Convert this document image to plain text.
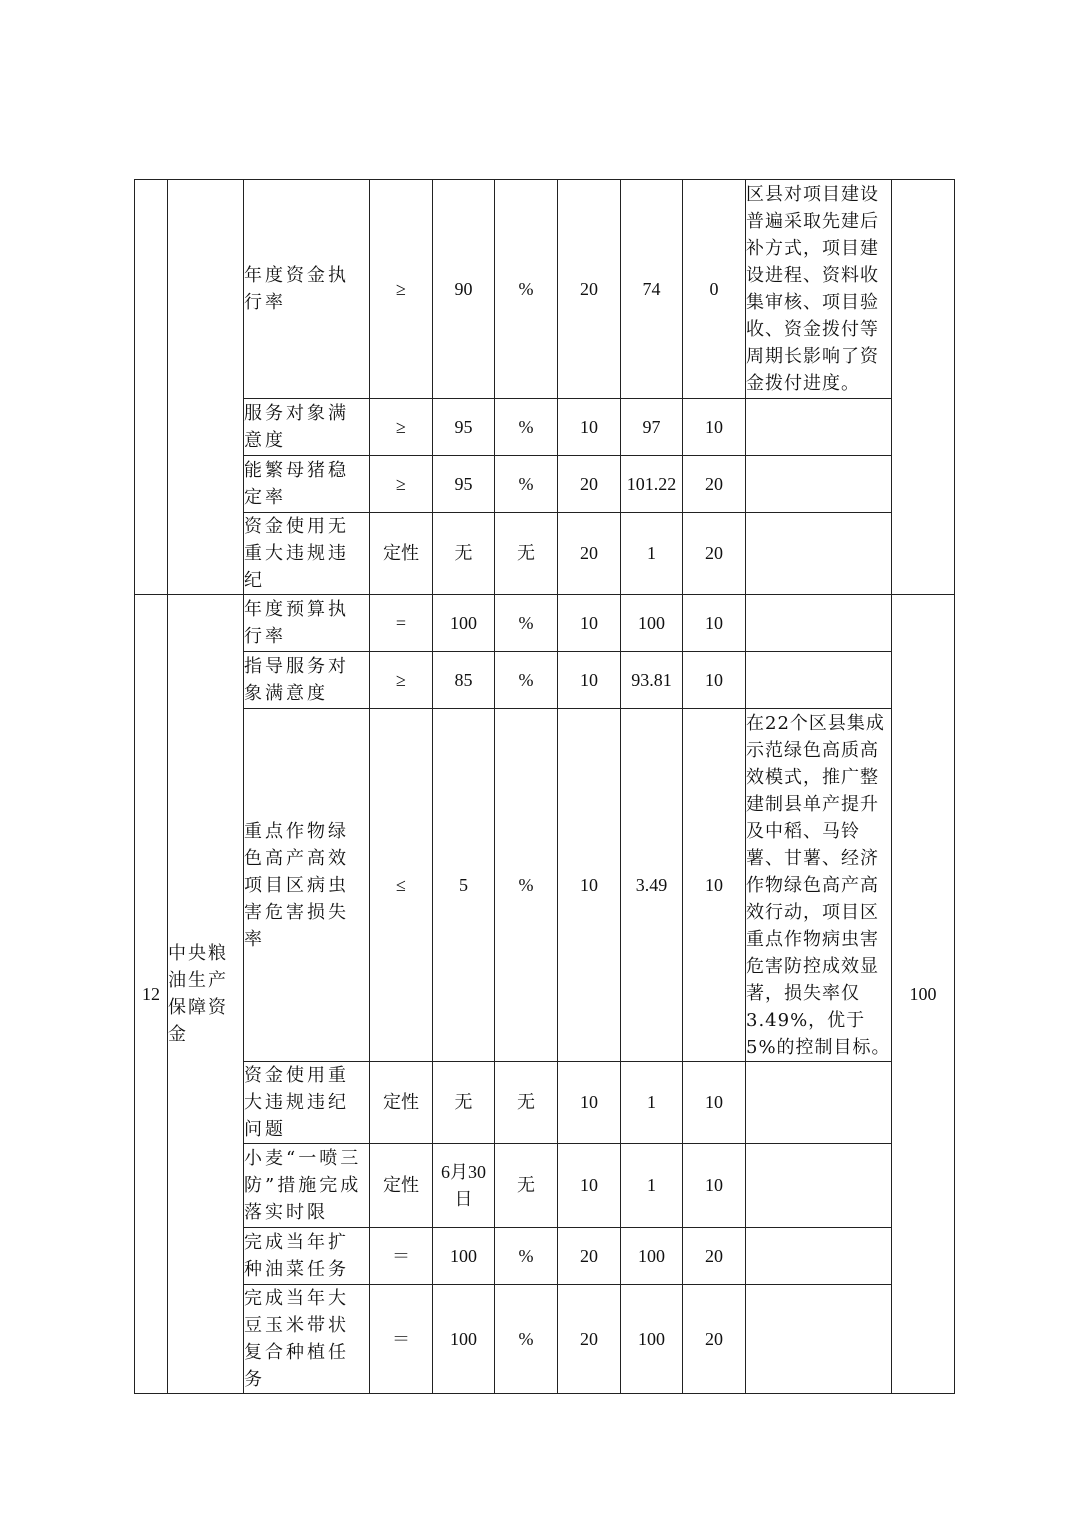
		年度资金执行率	≥	90	%	20	74	0	区县对项目建设普遍采取先建后补方式，项目建设进程、资料收集审核、项目验收、资金拨付等周期长影响了资金拨付进度。	
		服务对象满意度	≥	95	%	10	97	10		
		能繁母猪稳定率	≥	95	%	20	101.22	20		
		资金使用无重大违规违纪	定性	无	无	20	1	20		
12	中央粮油生产保障资金	年度预算执行率	=	100	%	10	100	10		100
		指导服务对象满意度	≥	85	%	10	93.81	10		
		重点作物绿色高产高效项目区病虫害危害损失率	≤	5	%	10	3.49	10	在22个区县集成示范绿色高质高效模式，推广整建制县单产提升及中稻、马铃薯、甘薯、经济作物绿色高产高效行动，项目区重点作物病虫害危害防控成效显著，损失率仅3.49%，优于5%的控制目标。	
		资金使用重大违规违纪问题	定性	无	无	10	1	10		
		小麦“一喷三防”措施完成落实时限	定性	6月30日	无	10	1	10		
		完成当年扩种油菜任务	＝	100	%	20	100	20		
		完成当年大豆玉米带状复合种植任务	＝	100	%	20	100	20		
